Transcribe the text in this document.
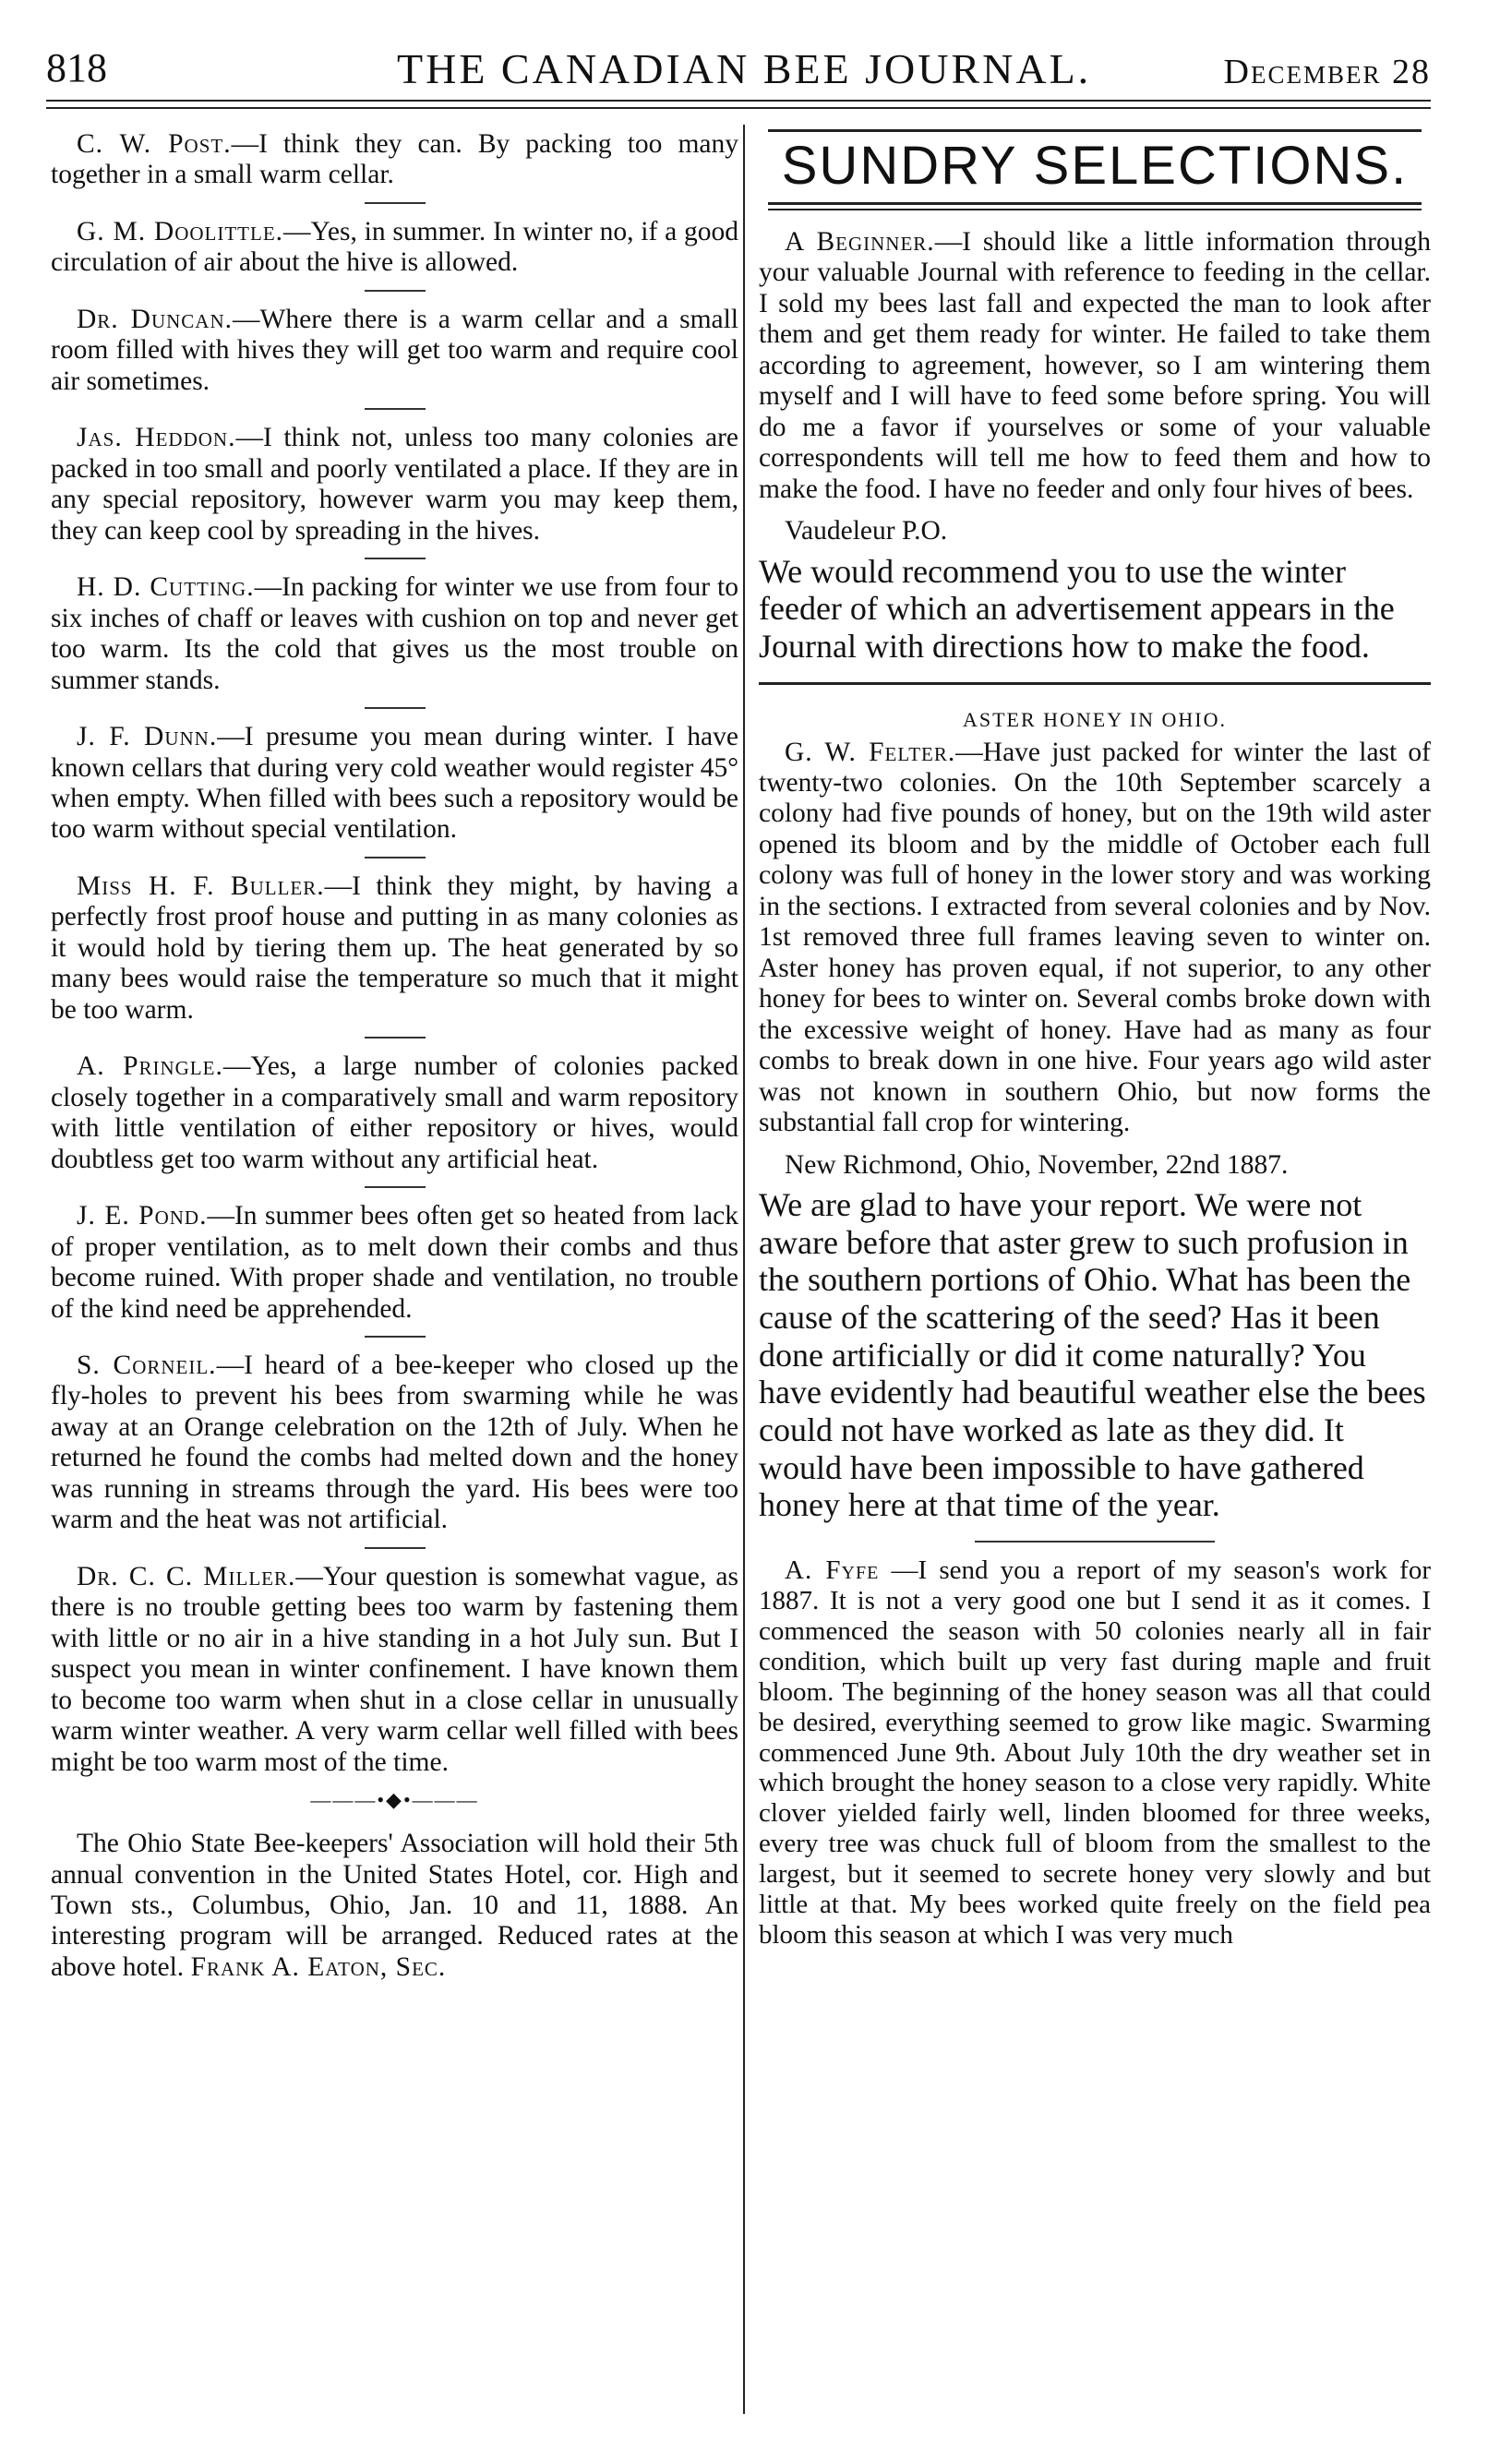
818	THE CANADIAN BEE JOURNAL.	December 28

C. W. Post.—I think they can. By packing too many together in a small warm cellar.

G. M. Doolittle.—Yes, in summer. In winter no, if a good circulation of air about the hive is allowed.

Dr. Duncan.—Where there is a warm cellar and a small room filled with hives they will get too warm and require cool air sometimes.

Jas. Heddon.—I think not, unless too many colonies are packed in too small and poorly ventilated a place. If they are in any special repository, however warm you may keep them, they can keep cool by spreading in the hives.

H. D. Cutting.—In packing for winter we use from four to six inches of chaff or leaves with cushion on top and never get too warm. Its the cold that gives us the most trouble on summer stands.

J. F. Dunn.—I presume you mean during winter. I have known cellars that during very cold weather would register 45° when empty. When filled with bees such a repository would be too warm without special ventilation.

Miss H. F. Buller.—I think they might, by having a perfectly frost proof house and putting in as many colonies as it would hold by tiering them up. The heat generated by so many bees would raise the temperature so much that it might be too warm.

A. Pringle.—Yes, a large number of colonies packed closely together in a comparatively small and warm repository with little ventilation of either repository or hives, would doubtless get too warm without any artificial heat.

J. E. Pond.—In summer bees often get so heated from lack of proper ventilation, as to melt down their combs and thus become ruined. With proper shade and ventilation, no trouble of the kind need be apprehended.

S. Corneil.—I heard of a bee-keeper who closed up the fly-holes to prevent his bees from swarming while he was away at an Orange celebration on the 12th of July. When he returned he found the combs had melted down and the honey was running in streams through the yard. His bees were too warm and the heat was not artificial.

Dr. C. C. Miller.—Your question is somewhat vague, as there is no trouble getting bees too warm by fastening them with little or no air in a hive standing in a hot July sun. But I suspect you mean in winter confinement. I have known them to become too warm when shut in a close cellar in unusually warm winter weather. A very warm cellar well filled with bees might be too warm most of the time.

———•◆•———

The Ohio State Bee-keepers' Association will hold their 5th annual convention in the United States Hotel, cor. High and Town sts., Columbus, Ohio, Jan. 10 and 11, 1888. An interesting program will be arranged. Reduced rates at the above hotel. Frank A. Eaton, Sec.

SUNDRY SELECTIONS.

A Beginner.—I should like a little information through your valuable Journal with reference to feeding in the cellar. I sold my bees last fall and expected the man to look after them and get them ready for winter. He failed to take them according to agreement, however, so I am wintering them myself and I will have to feed some before spring. You will do me a favor if yourselves or some of your valuable correspondents will tell me how to feed them and how to make the food. I have no feeder and only four hives of bees.

Vaudeleur P.O.

We would recommend you to use the winter feeder of which an advertisement appears in the Journal with directions how to make the food.

ASTER HONEY IN OHIO.

G. W. Felter.—Have just packed for winter the last of twenty-two colonies. On the 10th September scarcely a colony had five pounds of honey, but on the 19th wild aster opened its bloom and by the middle of October each full colony was full of honey in the lower story and was working in the sections. I extracted from several colonies and by Nov. 1st removed three full frames leaving seven to winter on. Aster honey has proven equal, if not superior, to any other honey for bees to winter on. Several combs broke down with the excessive weight of honey. Have had as many as four combs to break down in one hive. Four years ago wild aster was not known in southern Ohio, but now forms the substantial fall crop for wintering.

New Richmond, Ohio, November, 22nd 1887.

We are glad to have your report. We were not aware before that aster grew to such profusion in the southern portions of Ohio. What has been the cause of the scattering of the seed? Has it been done artificially or did it come naturally? You have evidently had beautiful weather else the bees could not have worked as late as they did. It would have been impossible to have gathered honey here at that time of the year.

A. Fyfe —I send you a report of my season's work for 1887. It is not a very good one but I send it as it comes. I commenced the season with 50 colonies nearly all in fair condition, which built up very fast during maple and fruit bloom. The beginning of the honey season was all that could be desired, everything seemed to grow like magic. Swarming commenced June 9th. About July 10th the dry weather set in which brought the honey season to a close very rapidly. White clover yielded fairly well, linden bloomed for three weeks, every tree was chuck full of bloom from the smallest to the largest, but it seemed to secrete honey very slowly and but little at that. My bees worked quite freely on the field pea bloom this season at which I was very much
